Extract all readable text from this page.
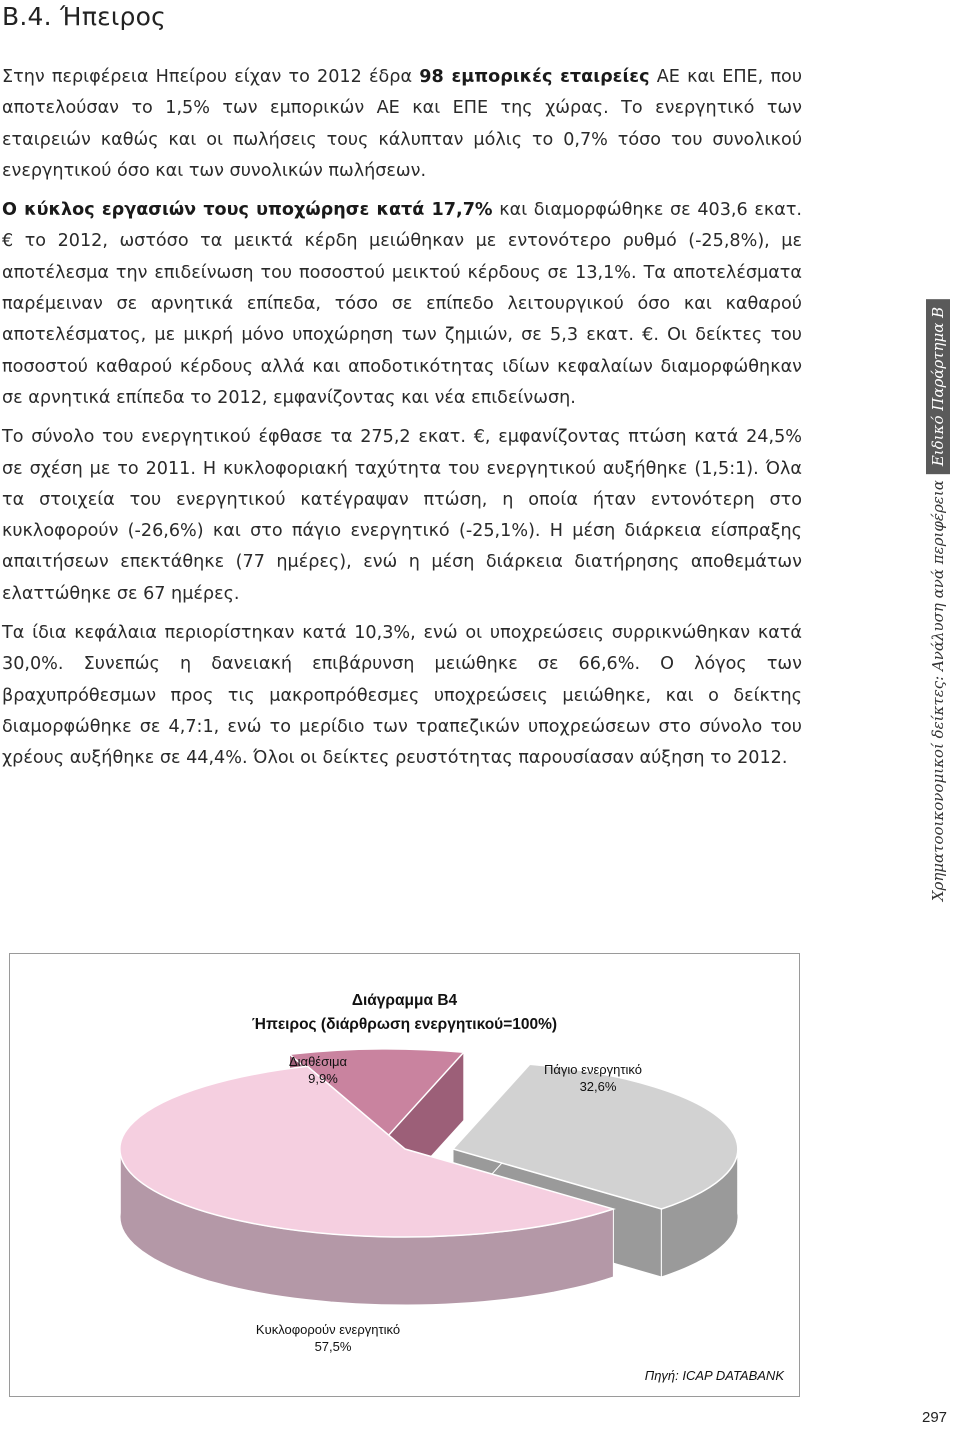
Β.4. Ήπειρος

Στην περιφέρεια Ηπείρου είχαν το 2012 έδρα 98 εμπορικές εταιρείες ΑΕ και ΕΠΕ, που αποτελούσαν το 1,5% των εμπορικών ΑΕ και ΕΠΕ της χώρας. Το ενεργητικό των εταιρειών καθώς και οι πωλήσεις τους κάλυπταν μόλις το 0,7% τόσο του συνολικού ενεργητικού όσο και των συνολικών πωλήσεων.

Ο κύκλος εργασιών τους υποχώρησε κατά 17,7% και διαμορφώθηκε σε 403,6 εκατ. € το 2012, ωστόσο τα μεικτά κέρδη μειώθηκαν με εντονότερο ρυθμό (-25,8%), με αποτέλεσμα την επιδείνωση του ποσοστού μεικτού κέρδους σε 13,1%. Τα αποτελέσματα παρέμειναν σε αρνητικά επίπεδα, τόσο σε επίπεδο λειτουργικού όσο και καθαρού αποτελέσματος, με μικρή μόνο υποχώρηση των ζημιών, σε 5,3 εκατ. €. Οι δείκτες του ποσοστού καθαρού κέρδους αλλά και αποδοτικότητας ιδίων κεφαλαίων διαμορφώθηκαν σε αρνητικά επίπεδα το 2012, εμφανίζοντας και νέα επιδείνωση.

Το σύνολο του ενεργητικού έφθασε τα 275,2 εκατ. €, εμφανίζοντας πτώση κατά 24,5% σε σχέση με το 2011. Η κυκλοφοριακή ταχύτητα του ενεργητικού αυξήθηκε (1,5:1). Όλα τα στοιχεία του ενεργητικού κατέγραψαν πτώση, η οποία ήταν εντονότερη στο κυκλοφορούν (-26,6%) και στο πάγιο ενεργητικό (-25,1%). Η μέση διάρκεια είσπραξης απαιτήσεων επεκτάθηκε (77 ημέρες), ενώ η μέση διάρκεια διατήρησης αποθεμάτων ελαττώθηκε σε 67 ημέρες.

Τα ίδια κεφάλαια περιορίστηκαν κατά 10,3%, ενώ οι υποχρεώσεις συρρικνώθηκαν κατά 30,0%. Συνεπώς η δανειακή επιβάρυνση μειώθηκε σε 66,6%. Ο λόγος των βραχυπρόθεσμων προς τις μακροπρόθεσμες υποχρεώσεις μειώθηκε, και ο δείκτης διαμορφώθηκε σε 4,7:1, ενώ το μερίδιο των τραπεζικών υποχρεώσεων στο σύνολο του χρέους αυξήθηκε σε 44,4%. Όλοι οι δείκτες ρευστότητας παρουσίασαν αύξηση το 2012.	Χρηματοοικονομικοί δείκτες: Ανάλυση ανά περιφέρειαΕιδικό Παράρτημα Β
Διάγραμμα Β4
Ήπειρος (διάρθρωση ενεργητικού=100%)
Διαθέσιμα
9,9%
Πάγιο ενεργητικό
32,6%
Κυκλοφορούν ενεργητικό
57,5%
Πηγή: ICAP DATABANK
297
